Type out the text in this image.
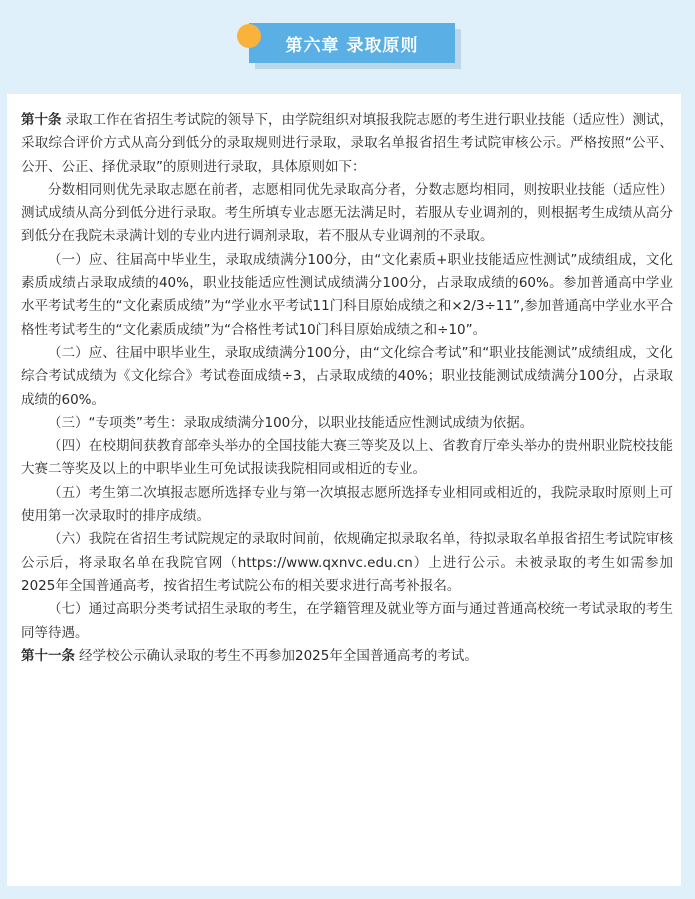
第六章 录取原则

第十条 录取工作在省招生考试院的领导下，由学院组织对填报我院志愿的考生进行职业技能（适应性）测试，采取综合评价方式从高分到低分的录取规则进行录取，录取名单报省招生考试院审核公示。严格按照“公平、公开、公正、择优录取”的原则进行录取，具体原则如下：

分数相同则优先录取志愿在前者，志愿相同优先录取高分者，分数志愿均相同，则按职业技能（适应性）测试成绩从高分到低分进行录取。考生所填专业志愿无法满足时，若服从专业调剂的，则根据考生成绩从高分到低分在我院未录满计划的专业内进行调剂录取，若不服从专业调剂的不录取。

（一）应、往届高中毕业生，录取成绩满分100分，由“文化素质+职业技能适应性测试”成绩组成，文化素质成绩占录取成绩的40%，职业技能适应性测试成绩满分100分，占录取成绩的60%。参加普通高中学业水平考试考生的“文化素质成绩”为“学业水平考试11门科目原始成绩之和×2/3÷11”,参加普通高中学业水平合格性考试考生的“文化素质成绩”为“合格性考试10门科目原始成绩之和÷10”。

（二）应、往届中职毕业生，录取成绩满分100分，由“文化综合考试”和“职业技能测试”成绩组成，文化综合考试成绩为《文化综合》考试卷面成绩÷3，占录取成绩的40%；职业技能测试成绩满分100分，占录取成绩的60%。

（三）“专项类”考生：录取成绩满分100分，以职业技能适应性测试成绩为依据。

（四）在校期间获教育部牵头举办的全国技能大赛三等奖及以上、省教育厅牵头举办的贵州职业院校技能大赛二等奖及以上的中职毕业生可免试报读我院相同或相近的专业。

（五）考生第二次填报志愿所选择专业与第一次填报志愿所选择专业相同或相近的，我院录取时原则上可使用第一次录取时的排序成绩。

（六）我院在省招生考试院规定的录取时间前，依规确定拟录取名单，待拟录取名单报省招生考试院审核公示后，将录取名单在我院官网（https://www.qxnvc.edu.cn）上进行公示。未被录取的考生如需参加2025年全国普通高考，按省招生考试院公布的相关要求进行高考补报名。

（七）通过高职分类考试招生录取的考生，在学籍管理及就业等方面与通过普通高校统一考试录取的考生同等待遇。

第十一条 经学校公示确认录取的考生不再参加2025年全国普通高考的考试。
